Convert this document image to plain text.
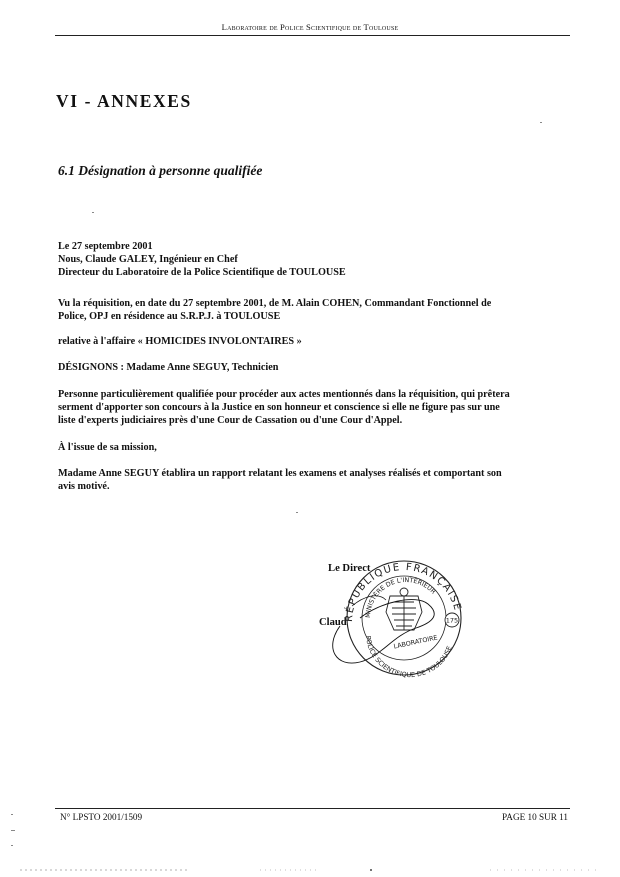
Laboratoire de Police Scientifique de Toulouse
VI - ANNEXES
6.1 Désignation à personne qualifiée
Le 27 septembre 2001
Nous, Claude GALEY, Ingénieur en Chef
Directeur du Laboratoire de la Police Scientifique de TOULOUSE
Vu la réquisition, en date du 27 septembre 2001, de M. Alain COHEN, Commandant Fonctionnel de
Police, OPJ en résidence au S.R.P.J. à TOULOUSE
relative à l'affaire « HOMICIDES INVOLONTAIRES »
DÉSIGNONS : Madame Anne SEGUY, Technicien
Personne particulièrement qualifiée pour procéder aux actes mentionnés dans la réquisition, qui prêtera
serment d'apporter son concours à la Justice en son honneur et conscience si elle ne figure pas sur une
liste d'experts judiciaires près d'une Cour de Cassation ou d'une Cour d'Appel.
À l'issue de sa mission,
Madame Anne SEGUY établira un rapport relatant les examens et analyses réalisés et comportant son
avis motivé.
Le Direct
Claud
RÉPUBLIQUE FRANÇAISE
MINISTÈRE DE L'INTÉRIEUR
POLICE SCIENTIFIQUE DE TOULOUSE
LABORATOIRE
175
N° LPSTO 2001/1509	PAGE 10 SUR 11
